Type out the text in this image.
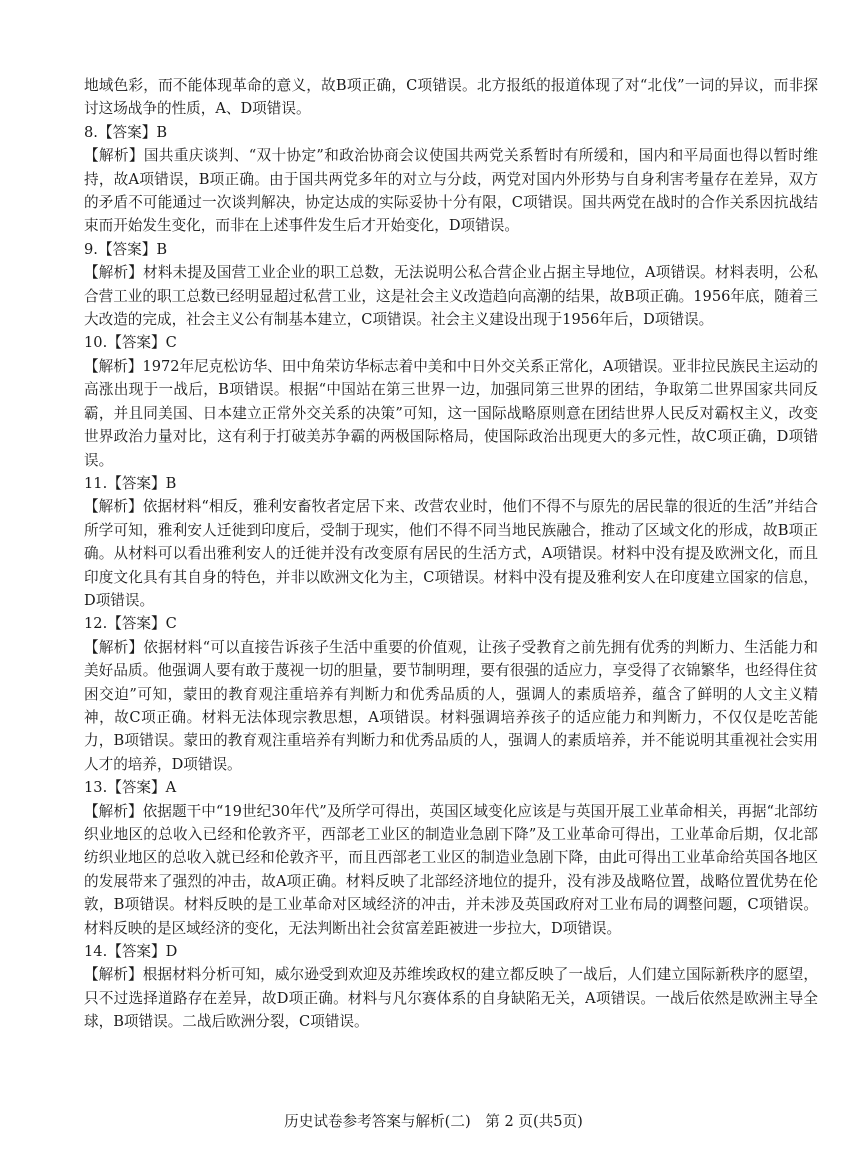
地域色彩，而不能体现革命的意义，故B项正确，C项错误。北方报纸的报道体现了对“北伐”一词的异议，而非探讨这场战争的性质，A、D项错误。

8.【答案】B

【解析】国共重庆谈判、“双十协定”和政治协商会议使国共两党关系暂时有所缓和，国内和平局面也得以暂时维持，故A项错误，B项正确。由于国共两党多年的对立与分歧，两党对国内外形势与自身利害考量存在差异，双方的矛盾不可能通过一次谈判解决，协定达成的实际妥协十分有限，C项错误。国共两党在战时的合作关系因抗战结束而开始发生变化，而非在上述事件发生后才开始变化，D项错误。

9.【答案】B

【解析】材料未提及国营工业企业的职工总数，无法说明公私合营企业占据主导地位，A项错误。材料表明，公私合营工业的职工总数已经明显超过私营工业，这是社会主义改造趋向高潮的结果，故B项正确。1956年底，随着三大改造的完成，社会主义公有制基本建立，C项错误。社会主义建设出现于1956年后，D项错误。

10.【答案】C

【解析】1972年尼克松访华、田中角荣访华标志着中美和中日外交关系正常化，A项错误。亚非拉民族民主运动的高涨出现于一战后，B项错误。根据“中国站在第三世界一边，加强同第三世界的团结，争取第二世界国家共同反霸，并且同美国、日本建立正常外交关系的决策”可知，这一国际战略原则意在团结世界人民反对霸权主义，改变世界政治力量对比，这有利于打破美苏争霸的两极国际格局，使国际政治出现更大的多元性，故C项正确，D项错误。

11.【答案】B

【解析】依据材料“相反，雅利安畜牧者定居下来、改营农业时，他们不得不与原先的居民靠的很近的生活”并结合所学可知，雅利安人迁徙到印度后，受制于现实，他们不得不同当地民族融合，推动了区域文化的形成，故B项正确。从材料可以看出雅利安人的迁徙并没有改变原有居民的生活方式，A项错误。材料中没有提及欧洲文化，而且印度文化具有其自身的特色，并非以欧洲文化为主，C项错误。材料中没有提及雅利安人在印度建立国家的信息，D项错误。

12.【答案】C

【解析】依据材料“可以直接告诉孩子生活中重要的价值观，让孩子受教育之前先拥有优秀的判断力、生活能力和美好品质。他强调人要有敢于蔑视一切的胆量，要节制明理，要有很强的适应力，享受得了衣锦繁华，也经得住贫困交迫”可知，蒙田的教育观注重培养有判断力和优秀品质的人，强调人的素质培养，蕴含了鲜明的人文主义精神，故C项正确。材料无法体现宗教思想，A项错误。材料强调培养孩子的适应能力和判断力，不仅仅是吃苦能力，B项错误。蒙田的教育观注重培养有判断力和优秀品质的人，强调人的素质培养，并不能说明其重视社会实用人才的培养，D项错误。

13.【答案】A

【解析】依据题干中“19世纪30年代”及所学可得出，英国区域变化应该是与英国开展工业革命相关，再据“北部纺织业地区的总收入已经和伦敦齐平，西部老工业区的制造业急剧下降”及工业革命可得出，工业革命后期，仅北部纺织业地区的总收入就已经和伦敦齐平，而且西部老工业区的制造业急剧下降，由此可得出工业革命给英国各地区的发展带来了强烈的冲击，故A项正确。材料反映了北部经济地位的提升，没有涉及战略位置，战略位置优势在伦敦，B项错误。材料反映的是工业革命对区域经济的冲击，并未涉及英国政府对工业布局的调整问题，C项错误。材料反映的是区域经济的变化，无法判断出社会贫富差距被进一步拉大，D项错误。

14.【答案】D

【解析】根据材料分析可知，威尔逊受到欢迎及苏维埃政权的建立都反映了一战后，人们建立国际新秩序的愿望，只不过选择道路存在差异，故D项正确。材料与凡尔赛体系的自身缺陷无关，A项错误。一战后依然是欧洲主导全球，B项错误。二战后欧洲分裂，C项错误。

历史试卷参考答案与解析(二)　第 2 页(共5页)
